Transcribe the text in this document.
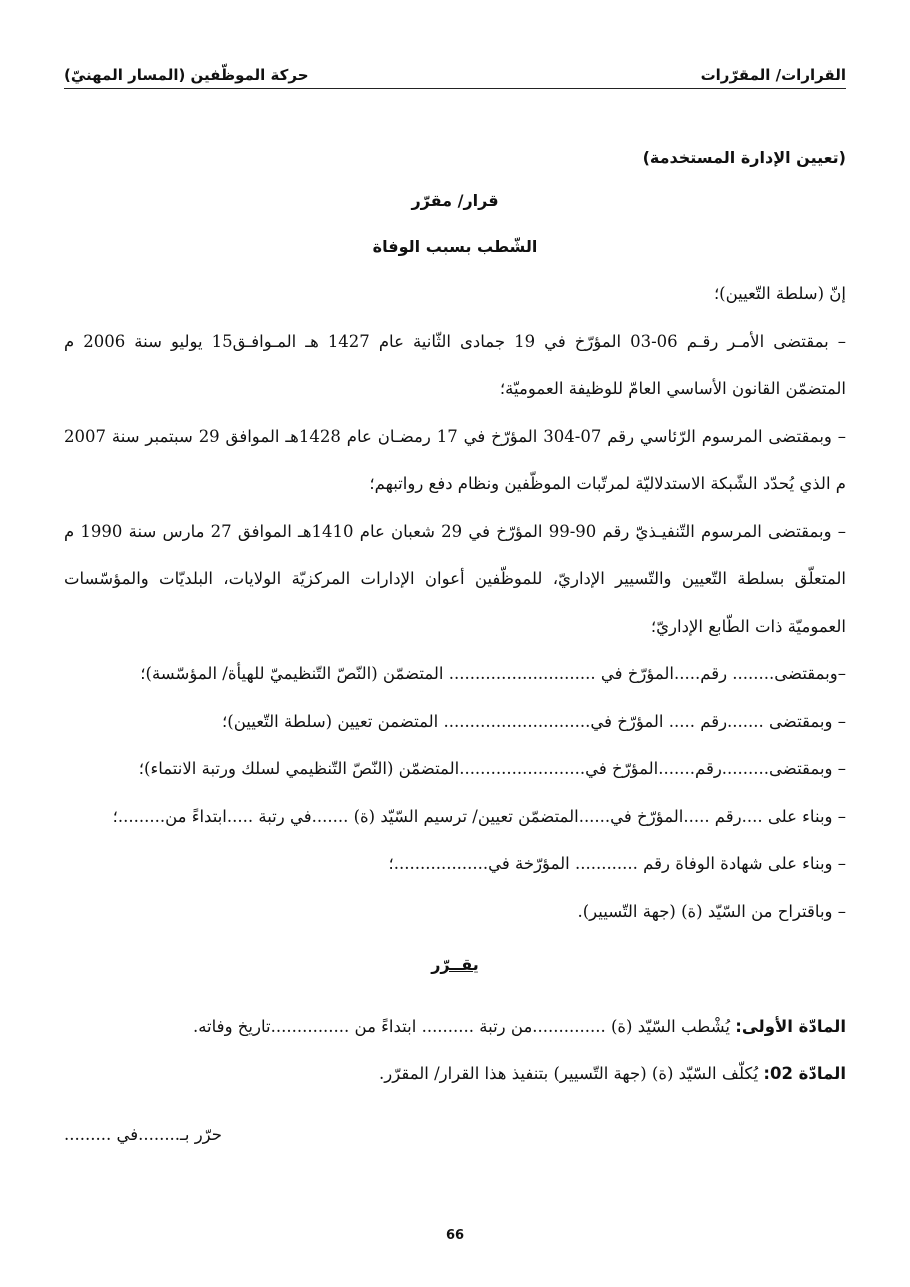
القرارات/ المقرّرات
حركة الموظّفين (المسار المهنيّ)

(تعيين الإدارة المستخدمة)

قرار/ مقرّر

الشّطب بسبب الوفاة

إنّ (سلطة التّعيين)؛

– بمقتضى الأمـر رقـم 06-03 المؤرّخ في 19 جمادى الثّانية عام 1427 هـ المـوافـق15 يوليو سنة 2006 م المتضمّن القانون الأساسي العامّ للوظيفة العموميّة؛

– وبمقتضى المرسوم الرّئاسي رقم 07-304 المؤرّخ في 17 رمضـان عام 1428هـ الموافق 29 سبتمبر سنة 2007 م الذي يُحدّد الشّبكة الاستدلاليّة لمرتّبات الموظّفين ونظام دفع رواتبهم؛

– وبمقتضى المرسوم التّنفيـذيّ رقم 90-99 المؤرّخ في 29 شعبان عام 1410هـ الموافق 27 مارس سنة 1990 م المتعلّق بسلطة التّعيين والتّسيير الإداريّ، للموظّفين أعوان الإدارات المركزيّة الولايات، البلديّات والمؤسّسات العموميّة ذات الطّابع الإداريّ؛

–وبمقتضى........ رقم.....المؤرّخ في ............................ المتضمّن (النّصّ التّنظيميّ للهيأة/ المؤسّسة)؛

– وبمقتضى .......رقم ..... المؤرّخ في............................ المتضمن تعيين (سلطة التّعيين)؛

– وبمقتضى.........رقم.......المؤرّخ في........................المتضمّن (النّصّ التّنظيمي لسلك ورتبة الانتماء)؛

– وبناء على ....رقم .....المؤرّخ في......المتضمّن تعيين/ ترسيم السّيّد (ة) .......في رتبة .....ابتداءً من.........؛

– وبناء على شهادة الوفاة رقم ............ المؤرّخة في..................؛

– وباقتراح من السّيّد (ة) (جهة التّسيير).

يقــرّر

المادّة الأولى: يُشْطب السّيّد (ة) ..............من رتبة .......... ابتداءً من ...............تاريخ وفاته.

المادّة 02: يُكلّف السّيّد (ة) (جهة التّسيير) بتنفيذ هذا القرار/ المقرّر.

حرّر بـ........في .........

66
